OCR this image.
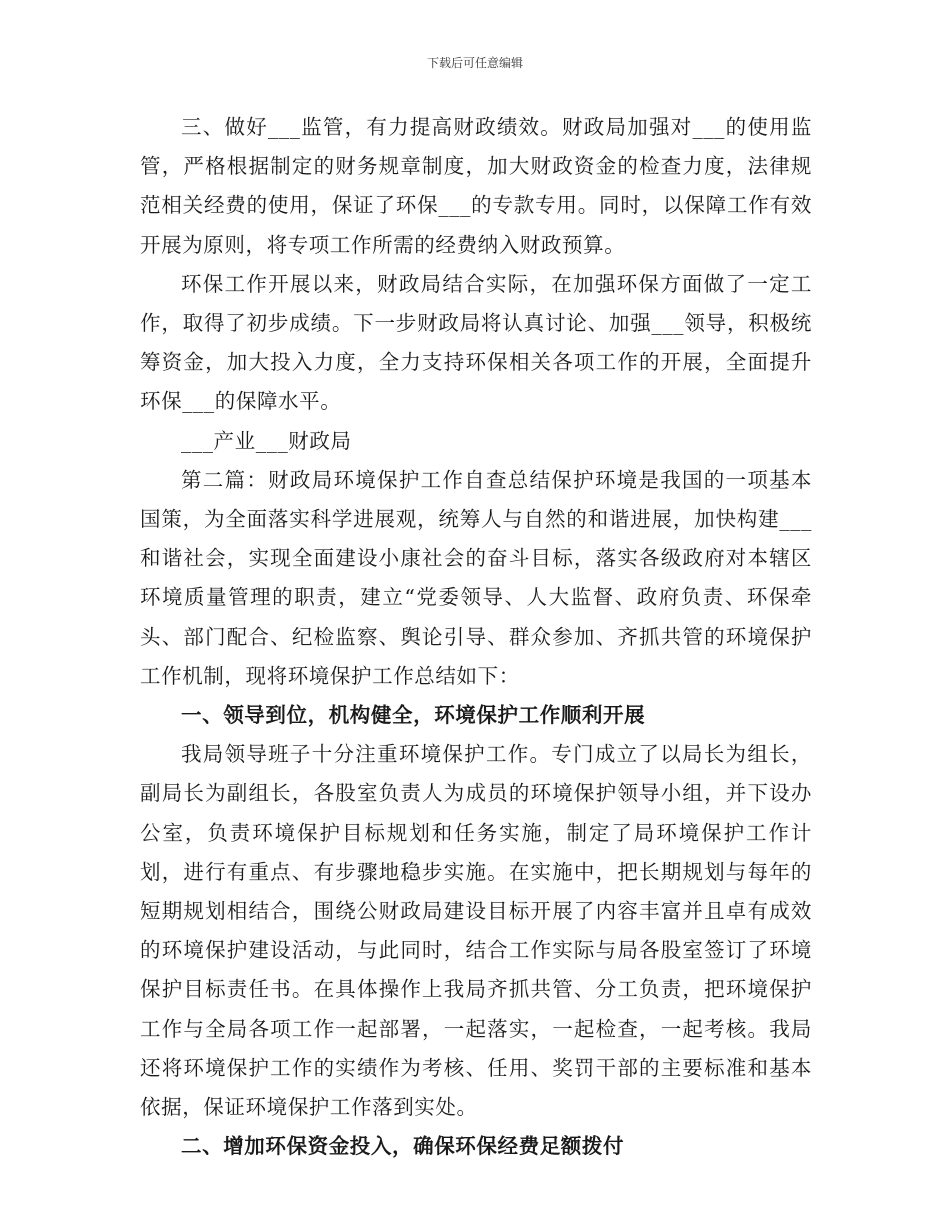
下载后可任意编辑

三、做好___监管，有力提高财政绩效。财政局加强对___的使用监管，严格根据制定的财务规章制度，加大财政资金的检查力度，法律规范相关经费的使用，保证了环保___的专款专用。同时，以保障工作有效开展为原则，将专项工作所需的经费纳入财政预算。

环保工作开展以来，财政局结合实际，在加强环保方面做了一定工作，取得了初步成绩。下一步财政局将认真讨论、加强___领导，积极统筹资金，加大投入力度，全力支持环保相关各项工作的开展，全面提升环保___的保障水平。

___产业___财政局

第二篇：财政局环境保护工作自查总结保护环境是我国的一项基本国策，为全面落实科学进展观，统筹人与自然的和谐进展，加快构建___和谐社会，实现全面建设小康社会的奋斗目标，落实各级政府对本辖区环境质量管理的职责，建立“党委领导、人大监督、政府负责、环保牵头、部门配合、纪检监察、舆论引导、群众参加、齐抓共管的环境保护工作机制，现将环境保护工作总结如下：

一、领导到位，机构健全，环境保护工作顺利开展

我局领导班子十分注重环境保护工作。专门成立了以局长为组长，副局长为副组长，各股室负责人为成员的环境保护领导小组，并下设办公室，负责环境保护目标规划和任务实施，制定了局环境保护工作计划，进行有重点、有步骤地稳步实施。在实施中，把长期规划与每年的短期规划相结合，围绕公财政局建设目标开展了内容丰富并且卓有成效的环境保护建设活动，与此同时，结合工作实际与局各股室签订了环境保护目标责任书。在具体操作上我局齐抓共管、分工负责，把环境保护工作与全局各项工作一起部署，一起落实，一起检查，一起考核。我局还将环境保护工作的实绩作为考核、任用、奖罚干部的主要标准和基本依据，保证环境保护工作落到实处。

二、增加环保资金投入，确保环保经费足额拨付
